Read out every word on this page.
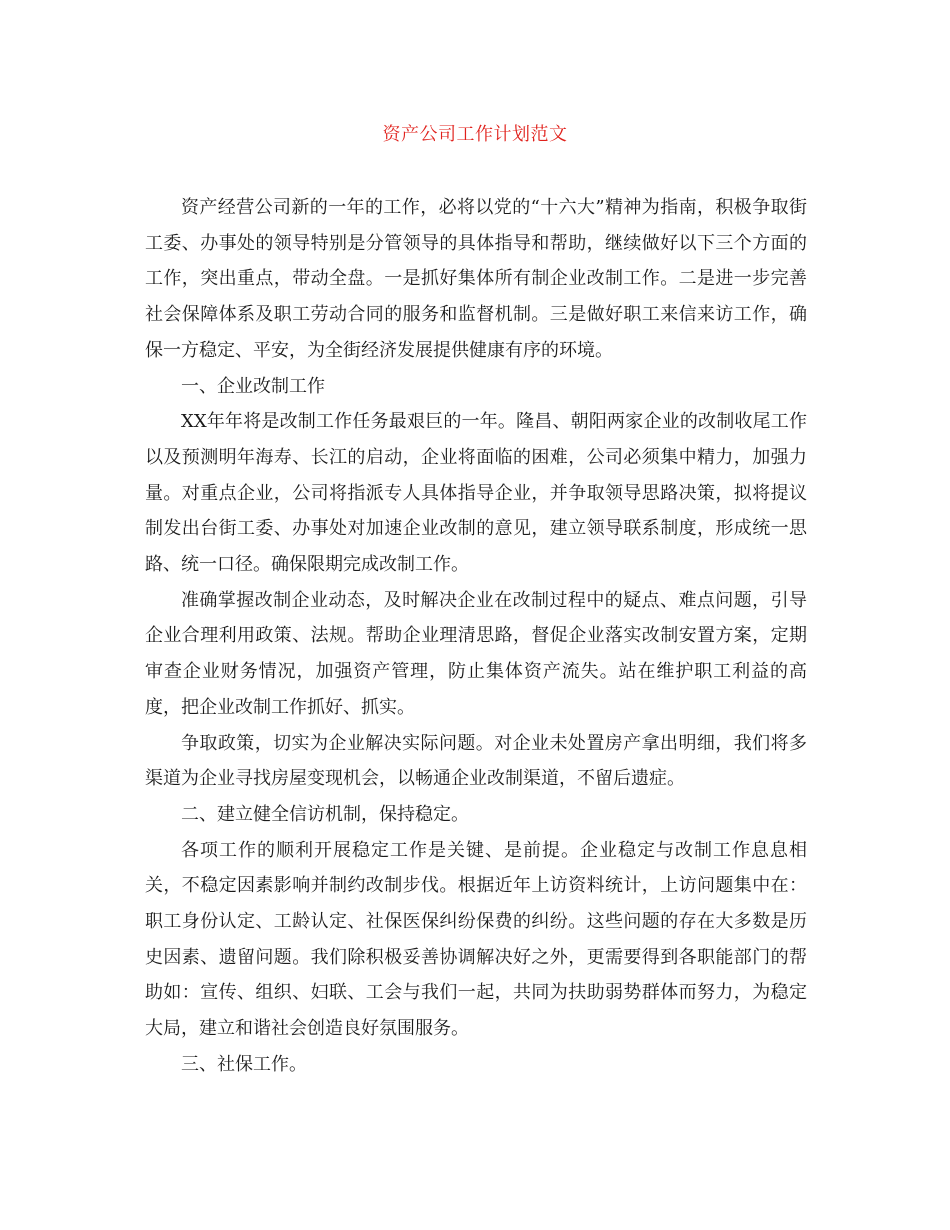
资产公司工作计划范文

资产经营公司新的一年的工作，必将以党的“十六大”精神为指南，积极争取街工委、办事处的领导特别是分管领导的具体指导和帮助，继续做好以下三个方面的工作，突出重点，带动全盘。一是抓好集体所有制企业改制工作。二是进一步完善社会保障体系及职工劳动合同的服务和监督机制。三是做好职工来信来访工作，确保一方稳定、平安，为全街经济发展提供健康有序的环境。

一、企业改制工作

XX年年将是改制工作任务最艰巨的一年。隆昌、朝阳两家企业的改制收尾工作以及预测明年海寿、长江的启动，企业将面临的困难，公司必须集中精力，加强力量。对重点企业，公司将指派专人具体指导企业，并争取领导思路决策，拟将提议制发出台街工委、办事处对加速企业改制的意见，建立领导联系制度，形成统一思路、统一口径。确保限期完成改制工作。

准确掌握改制企业动态，及时解决企业在改制过程中的疑点、难点问题，引导企业合理利用政策、法规。帮助企业理清思路，督促企业落实改制安置方案，定期审查企业财务情况，加强资产管理，防止集体资产流失。站在维护职工利益的高度，把企业改制工作抓好、抓实。

争取政策，切实为企业解决实际问题。对企业未处置房产拿出明细，我们将多渠道为企业寻找房屋变现机会，以畅通企业改制渠道，不留后遗症。

二、建立健全信访机制，保持稳定。

各项工作的顺利开展稳定工作是关键、是前提。企业稳定与改制工作息息相关，不稳定因素影响并制约改制步伐。根据近年上访资料统计，上访问题集中在：职工身份认定、工龄认定、社保医保纠纷保费的纠纷。这些问题的存在大多数是历史因素、遗留问题。我们除积极妥善协调解决好之外，更需要得到各职能部门的帮助如：宣传、组织、妇联、工会与我们一起，共同为扶助弱势群体而努力，为稳定大局，建立和谐社会创造良好氛围服务。

三、社保工作。
